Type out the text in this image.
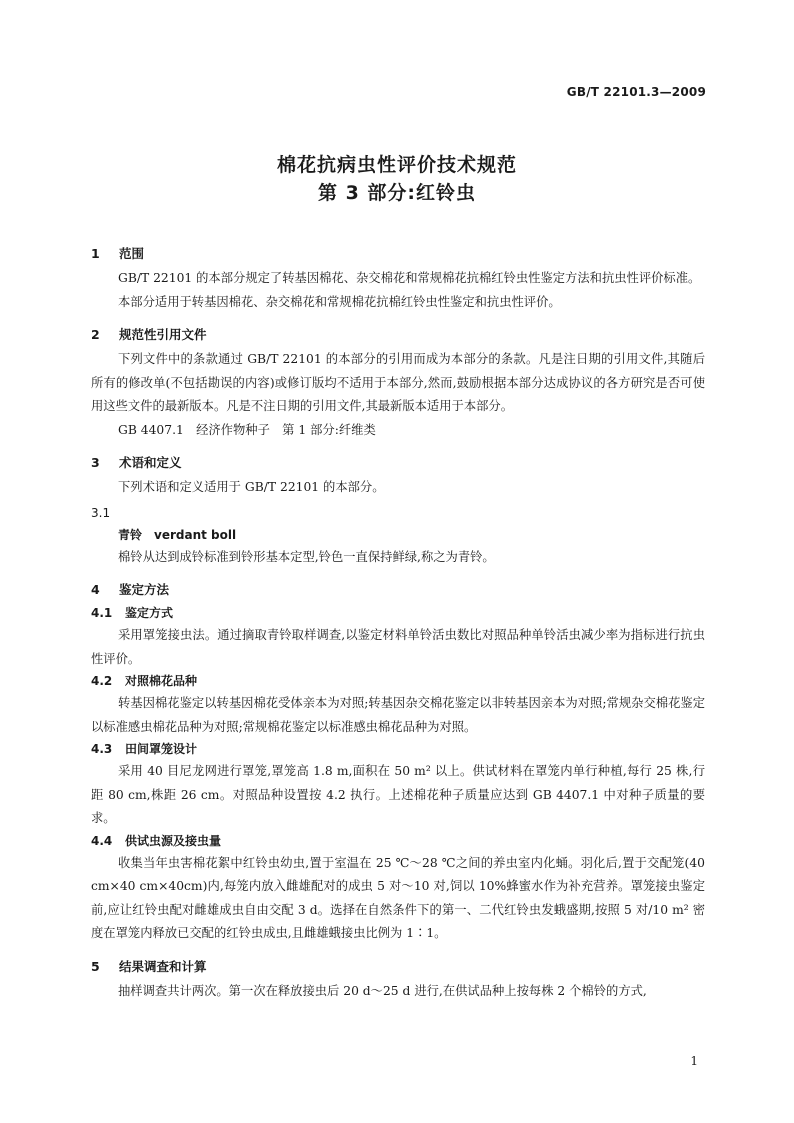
GB/T 22101.3—2009
棉花抗病虫性评价技术规范
第 3 部分:红铃虫
1 范围
GB/T 22101 的本部分规定了转基因棉花、杂交棉花和常规棉花抗棉红铃虫性鉴定方法和抗虫性评价标准。
本部分适用于转基因棉花、杂交棉花和常规棉花抗棉红铃虫性鉴定和抗虫性评价。
2 规范性引用文件
下列文件中的条款通过 GB/T 22101 的本部分的引用而成为本部分的条款。凡是注日期的引用文件,其随后所有的修改单(不包括勘误的内容)或修订版均不适用于本部分,然而,鼓励根据本部分达成协议的各方研究是否可使用这些文件的最新版本。凡是不注日期的引用文件,其最新版本适用于本部分。
GB 4407.1　经济作物种子　第 1 部分:纤维类
3 术语和定义
下列术语和定义适用于 GB/T 22101 的本部分。
3.1
青铃　verdant boll
棉铃从达到成铃标准到铃形基本定型,铃色一直保持鲜绿,称之为青铃。
4 鉴定方法
4.1 鉴定方式
采用罩笼接虫法。通过摘取青铃取样调查,以鉴定材料单铃活虫数比对照品种单铃活虫减少率为指标进行抗虫性评价。
4.2 对照棉花品种
转基因棉花鉴定以转基因棉花受体亲本为对照;转基因杂交棉花鉴定以非转基因亲本为对照;常规杂交棉花鉴定以标准感虫棉花品种为对照;常规棉花鉴定以标准感虫棉花品种为对照。
4.3 田间罩笼设计
采用 40 目尼龙网进行罩笼,罩笼高 1.8 m,面积在 50 m² 以上。供试材料在罩笼内单行种植,每行 25 株,行距 80 cm,株距 26 cm。对照品种设置按 4.2 执行。上述棉花种子质量应达到 GB 4407.1 中对种子质量的要求。
4.4 供试虫源及接虫量
收集当年虫害棉花絮中红铃虫幼虫,置于室温在 25 ℃～28 ℃之间的养虫室内化蛹。羽化后,置于交配笼(40 cm×40 cm×40cm)内,每笼内放入雌雄配对的成虫 5 对～10 对,饲以 10%蜂蜜水作为补充营养。罩笼接虫鉴定前,应让红铃虫配对雌雄成虫自由交配 3 d。选择在自然条件下的第一、二代红铃虫发蛾盛期,按照 5 对/10 m² 密度在罩笼内释放已交配的红铃虫成虫,且雌雄蛾接虫比例为 1∶1。
5 结果调查和计算
抽样调查共计两次。第一次在释放接虫后 20 d～25 d 进行,在供试品种上按每株 2 个棉铃的方式,
1
